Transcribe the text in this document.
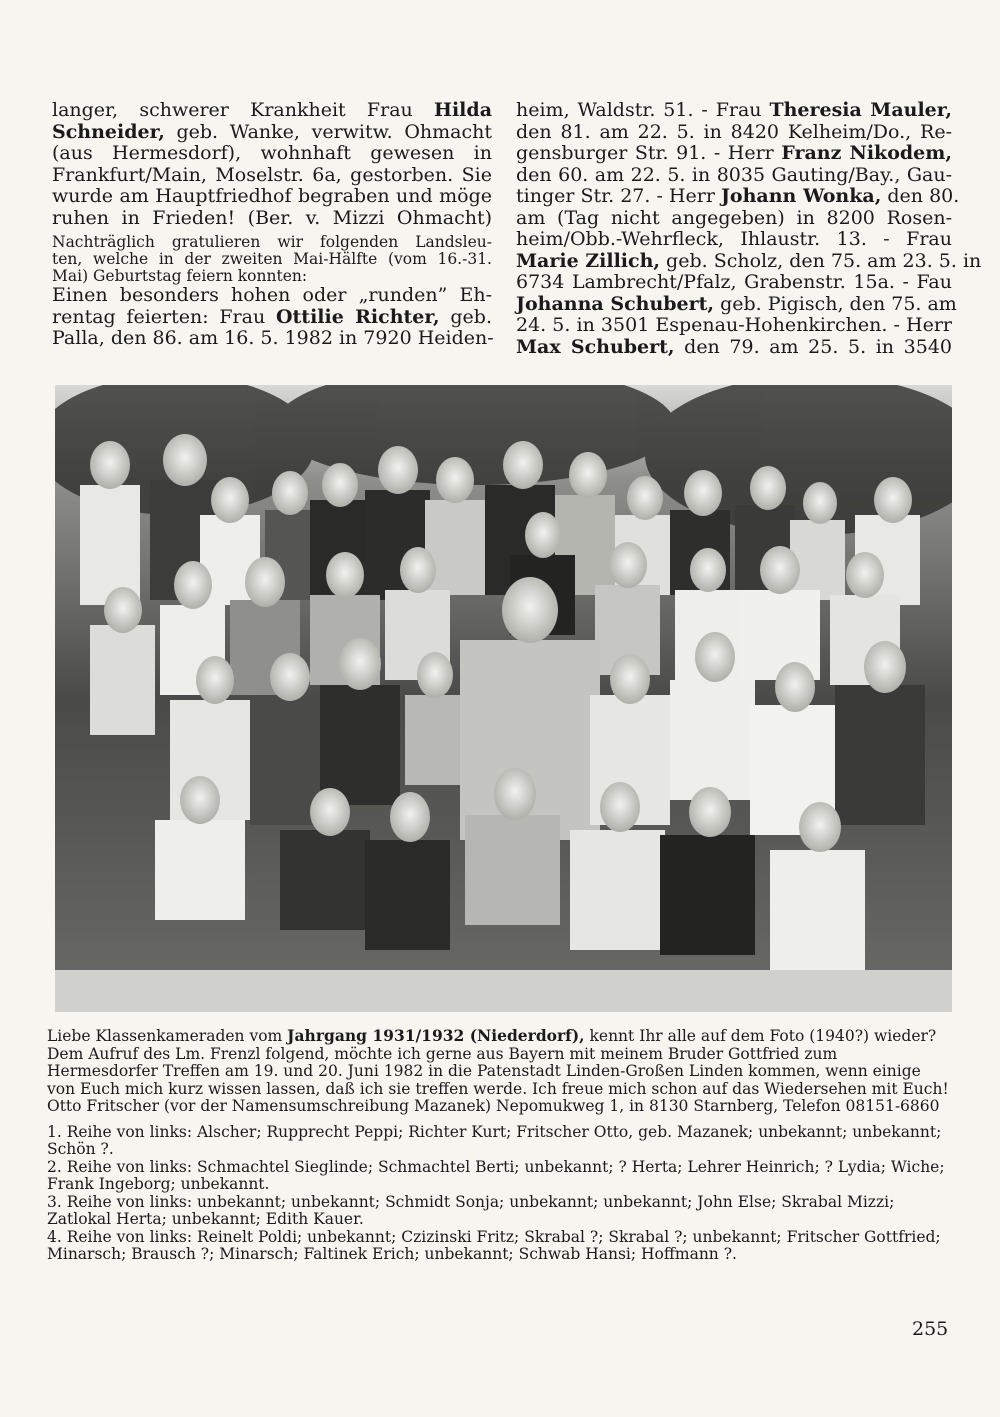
langer, schwerer Krankheit Frau Hilda
Schneider, geb. Wanke, verwitw. Ohmacht
(aus Hermesdorf), wohnhaft gewesen in
Frankfurt/Main, Moselstr. 6a, gestorben. Sie
wurde am Hauptfriedhof begraben und möge
ruhen in Frieden! (Ber. v. Mizzi Ohmacht)
Nachträglich gratulieren wir folgenden Landsleu-
ten, welche in der zweiten Mai-Hälfte (vom 16.-31.
Mai) Geburtstag feiern konnten:
Einen besonders hohen oder „runden” Eh-
rentag feierten: Frau Ottilie Richter, geb.
Palla, den 86. am 16. 5. 1982 in 7920 Heiden-
heim, Waldstr. 51. - Frau Theresia Mauler,
den 81. am 22. 5. in 8420 Kelheim/Do., Re-
gensburger Str. 91. - Herr Franz Nikodem,
den 60. am 22. 5. in 8035 Gauting/Bay., Gau-
tinger Str. 27. - Herr Johann Wonka, den 80.
am (Tag nicht angegeben) in 8200 Rosen-
heim/Obb.-Wehrfleck, Ihlaustr. 13. - Frau
Marie Zillich, geb. Scholz, den 75. am 23. 5. in
6734 Lambrecht/Pfalz, Grabenstr. 15a. - Fau
Johanna Schubert, geb. Pigisch, den 75. am
24. 5. in 3501 Espenau-Hohenkirchen. - Herr
Max Schubert, den 79. am 25. 5. in 3540

Liebe Klassenkameraden vom Jahrgang 1931/1932 (Niederdorf), kennt Ihr alle auf dem Foto (1940?) wieder? Dem Aufruf des Lm. Frenzl folgend, möchte ich gerne aus Bayern mit meinem Bruder Gottfried zum Hermesdorfer Treffen am 19. und 20. Juni 1982 in die Patenstadt Linden-Großen Linden kommen, wenn einige von Euch mich kurz wissen lassen, daß ich sie treffen werde. Ich freue mich schon auf das Wiedersehen mit Euch! Otto Fritscher (vor der Namensumschreibung Mazanek) Nepomukweg 1, in 8130 Starnberg, Telefon 08151-6860

1. Reihe von links: Alscher; Rupprecht Peppi; Richter Kurt; Fritscher Otto, geb. Mazanek; unbekannt; unbekannt; Schön ?.

2. Reihe von links: Schmachtel Sieglinde; Schmachtel Berti; unbekannt; ? Herta; Lehrer Heinrich; ? Lydia; Wiche; Frank Ingeborg; unbekannt.

3. Reihe von links: unbekannt; unbekannt; Schmidt Sonja; unbekannt; unbekannt; John Else; Skrabal Mizzi; Zatlokal Herta; unbekannt; Edith Kauer.

4. Reihe von links: Reinelt Poldi; unbekannt; Czizinski Fritz; Skrabal ?; Skrabal ?; unbekannt; Fritscher Gottfried; Minarsch; Brausch ?; Minarsch; Faltinek Erich; unbekannt; Schwab Hansi; Hoffmann ?.

255
